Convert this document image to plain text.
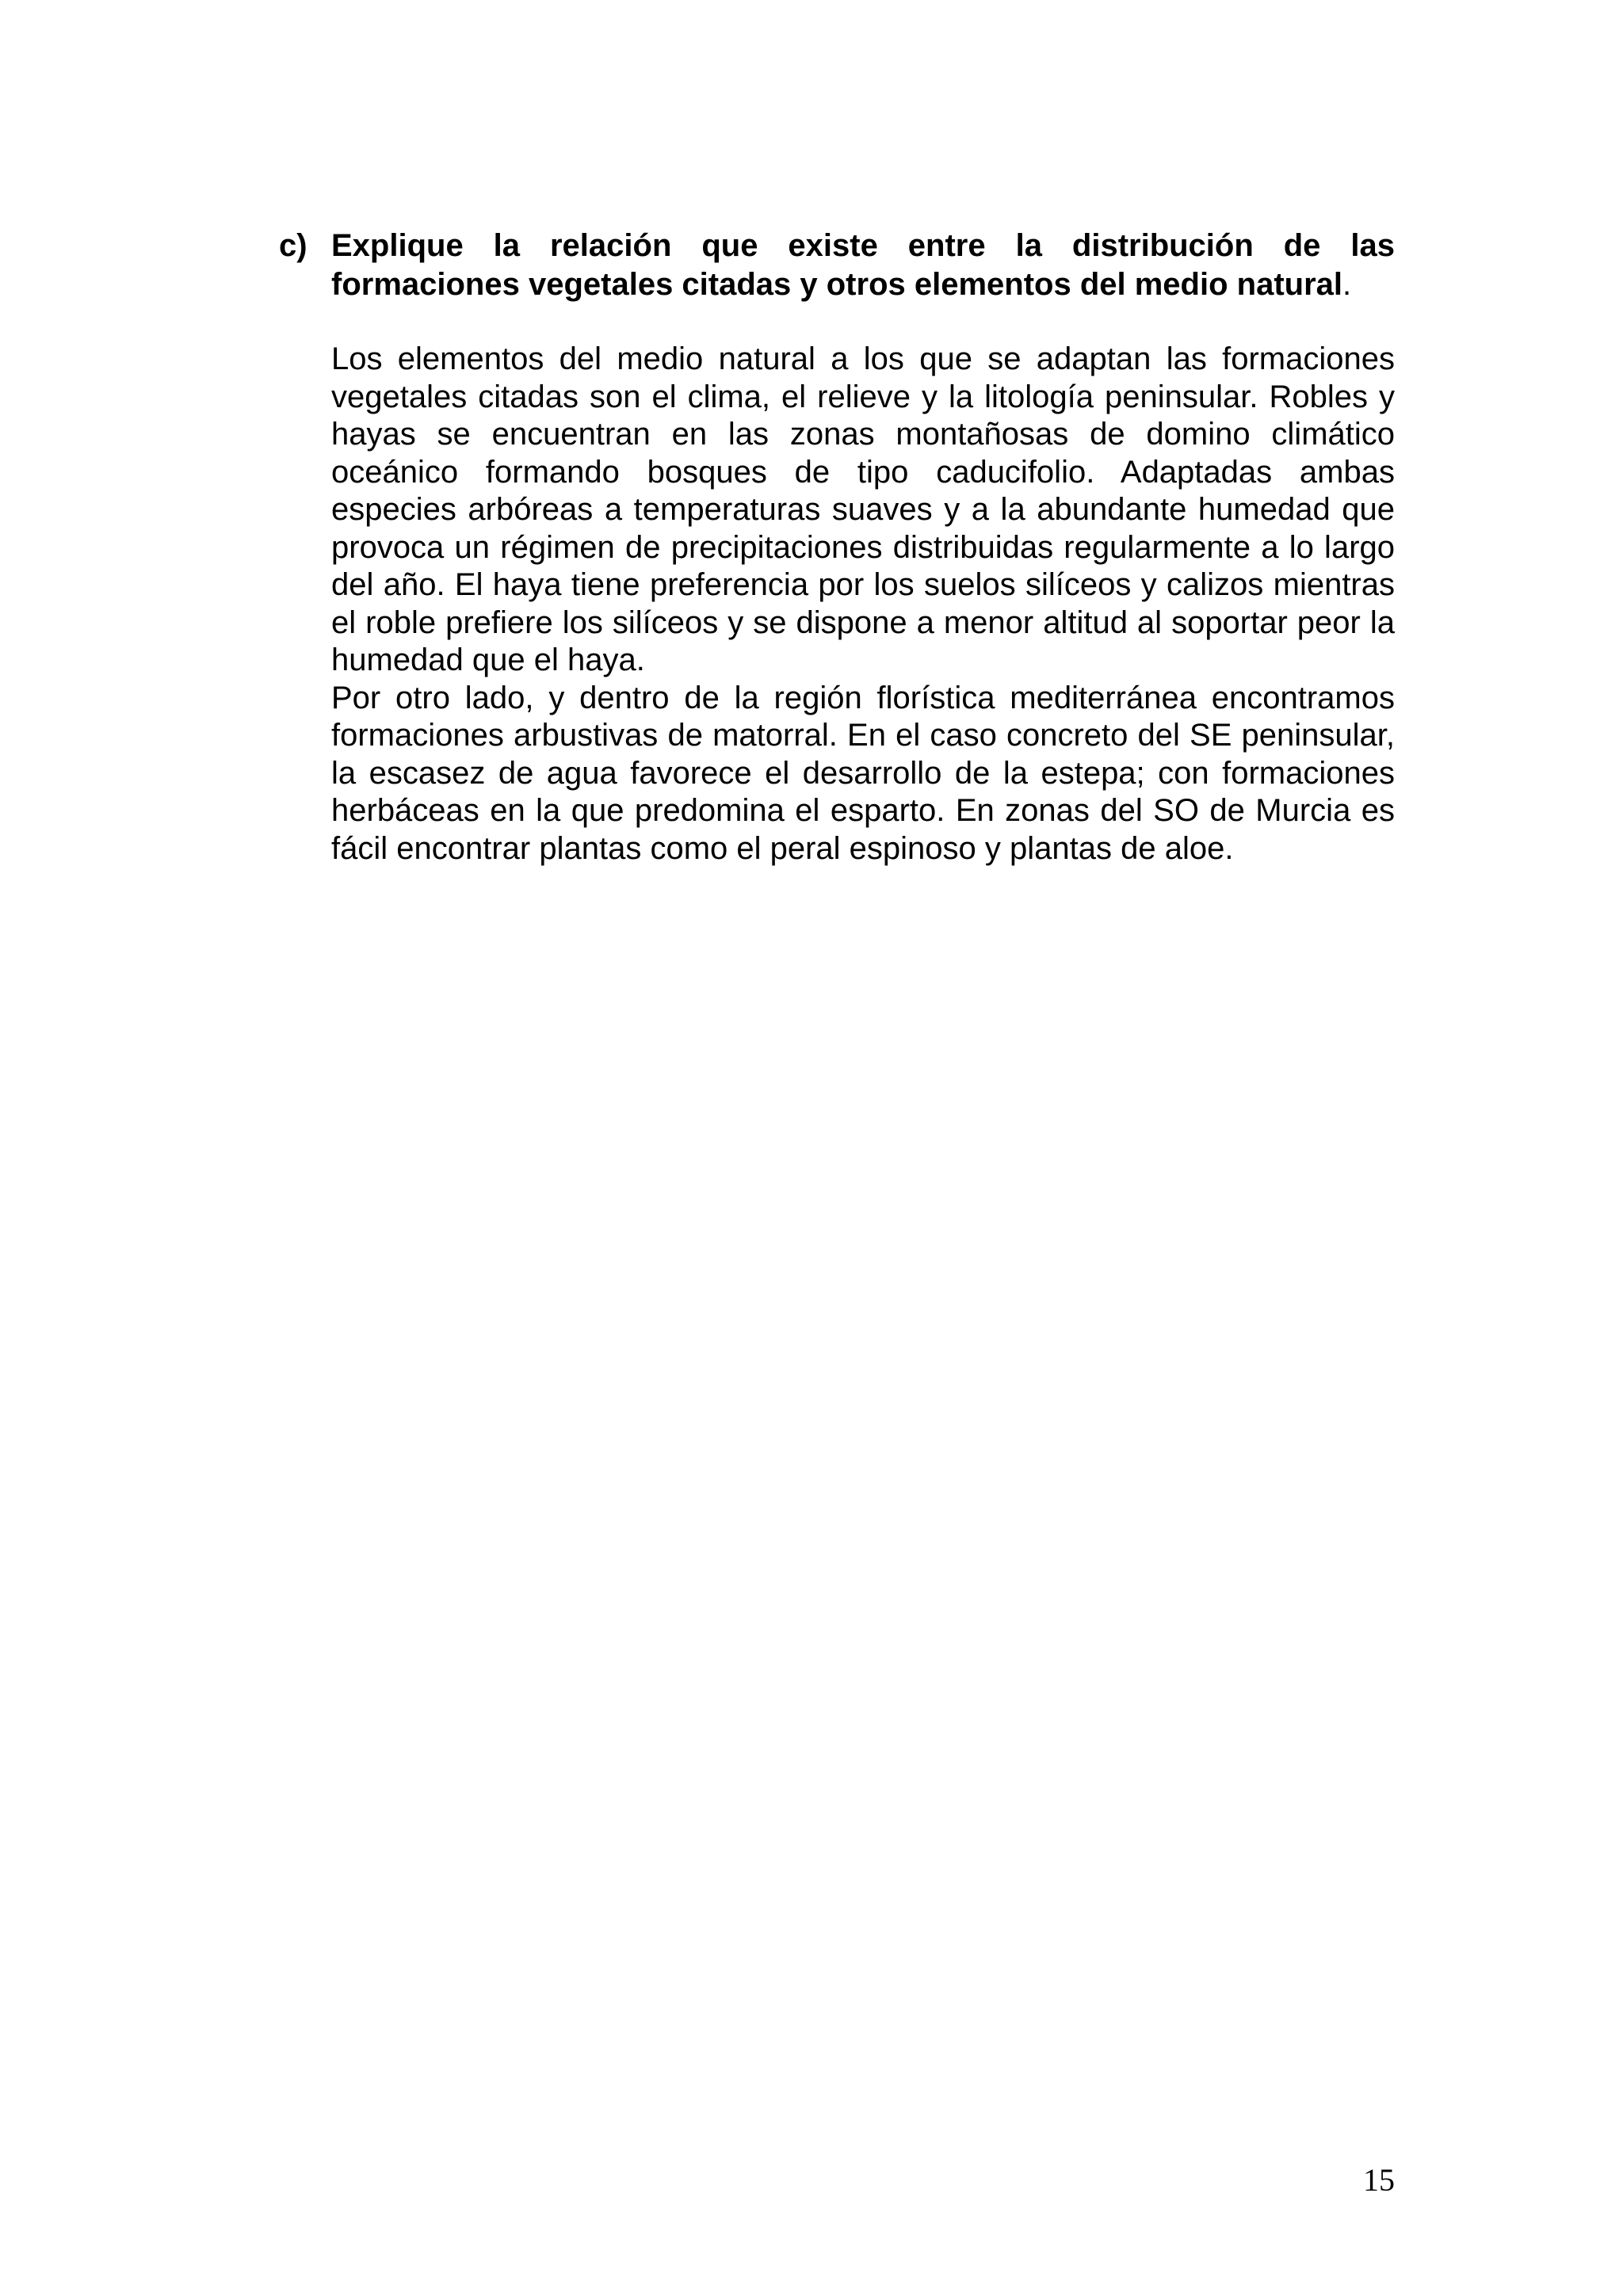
c) Explique la relación que existe entre la distribución de las formaciones vegetales citadas y otros elementos del medio natural.

Los elementos del medio natural a los que se adaptan las formaciones vegetales citadas son el clima, el relieve y la litología peninsular. Robles y hayas se encuentran en las zonas montañosas de domino climático oceánico formando bosques de tipo caducifolio. Adaptadas ambas especies arbóreas a temperaturas suaves y a la abundante humedad que provoca un régimen de precipitaciones distribuidas regularmente a lo largo del año. El haya tiene preferencia por los suelos silíceos y calizos mientras el roble prefiere los silíceos y se dispone a menor altitud al soportar peor la humedad que el haya.

Por otro lado, y dentro de la región florística mediterránea encontramos formaciones arbustivas de matorral. En el caso concreto del SE peninsular, la escasez de agua favorece el desarrollo de la estepa; con formaciones herbáceas en la que predomina el esparto. En zonas del SO de Murcia es fácil encontrar plantas como el peral espinoso y plantas de aloe.

15
